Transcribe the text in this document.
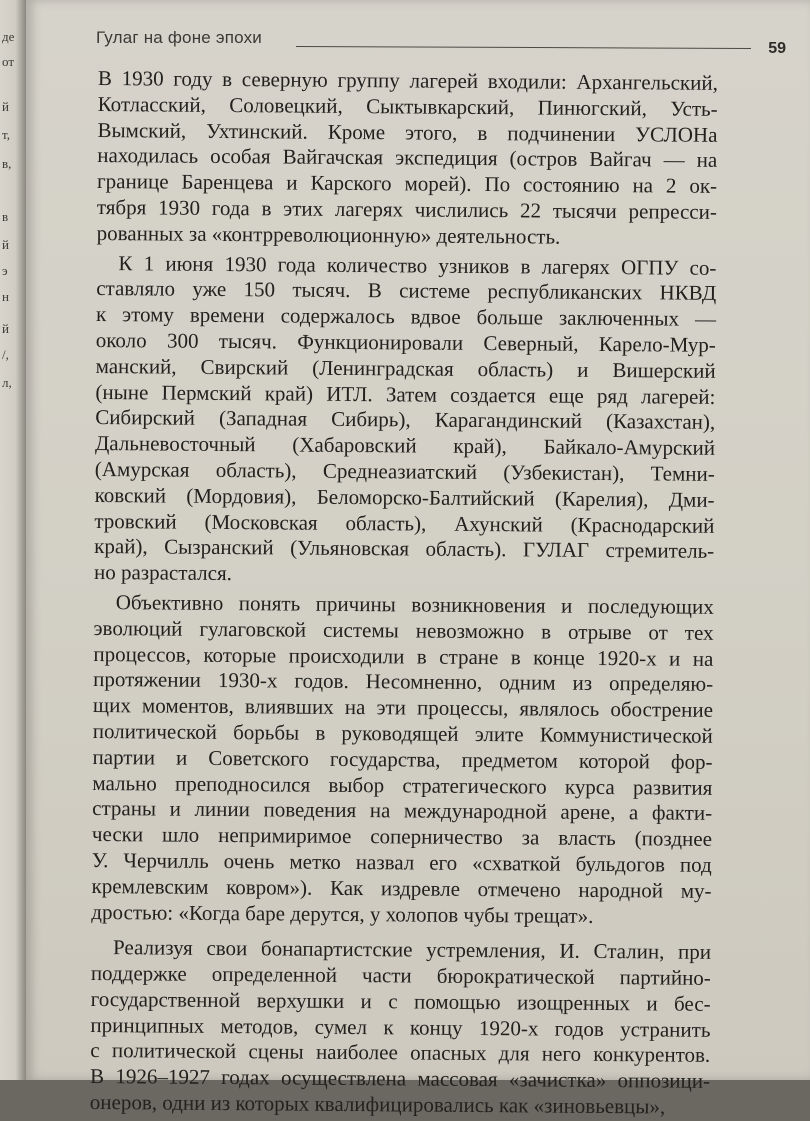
де
от
й
т,
в,
в
й
э
н
й
/,
л,
Гулаг на фоне эпохи
59
В 1930 году в северную группу лагерей входили: Архангельский,
Котласский, Соловецкий, Сыктывкарский, Пинюгский, Усть-
Вымский, Ухтинский. Кроме этого, в подчинении УСЛОНа
находилась особая Вайгачская экспедиция (остров Вайгач — на
границе Баренцева и Карского морей). По состоянию на 2 ок-
тября 1930 года в этих лагерях числились 22 тысячи репресси-
рованных за «контрреволюционную» деятельность.
К 1 июня 1930 года количество узников в лагерях ОГПУ со-
ставляло уже 150 тысяч. В системе республиканских НКВД
к этому времени содержалось вдвое больше заключенных —
около 300 тысяч. Функционировали Северный, Карело-Мур-
манский, Свирский (Ленинградская область) и Вишерский
(ныне Пермский край) ИТЛ. Затем создается еще ряд лагерей:
Сибирский (Западная Сибирь), Карагандинский (Казахстан),
Дальневосточный (Хабаровский край), Байкало-Амурский
(Амурская область), Среднеазиатский (Узбекистан), Темни-
ковский (Мордовия), Беломорско-Балтийский (Карелия), Дми-
тровский (Московская область), Ахунский (Краснодарский
край), Сызранский (Ульяновская область). ГУЛАГ стремитель-
но разрастался.
Объективно понять причины возникновения и последующих
эволюций гулаговской системы невозможно в отрыве от тех
процессов, которые происходили в стране в конце 1920-х и на
протяжении 1930-х годов. Несомненно, одним из определяю-
щих моментов, влиявших на эти процессы, являлось обострение
политической борьбы в руководящей элите Коммунистической
партии и Советского государства, предметом которой фор-
мально преподносился выбор стратегического курса развития
страны и линии поведения на международной арене, а факти-
чески шло непримиримое соперничество за власть (позднее
У. Черчилль очень метко назвал его «схваткой бульдогов под
кремлевским ковром»). Как издревле отмечено народной му-
дростью: «Когда баре дерутся, у холопов чубы трещат».
Реализуя свои бонапартистские устремления, И. Сталин, при
поддержке определенной части бюрократической партийно-
государственной верхушки и с помощью изощренных и бес-
принципных методов, сумел к концу 1920-х годов устранить
с политической сцены наиболее опасных для него конкурентов.
В 1926–1927 годах осуществлена массовая «зачистка» оппозици-
онеров, одни из которых квалифицировались как «зиновьевцы»,
